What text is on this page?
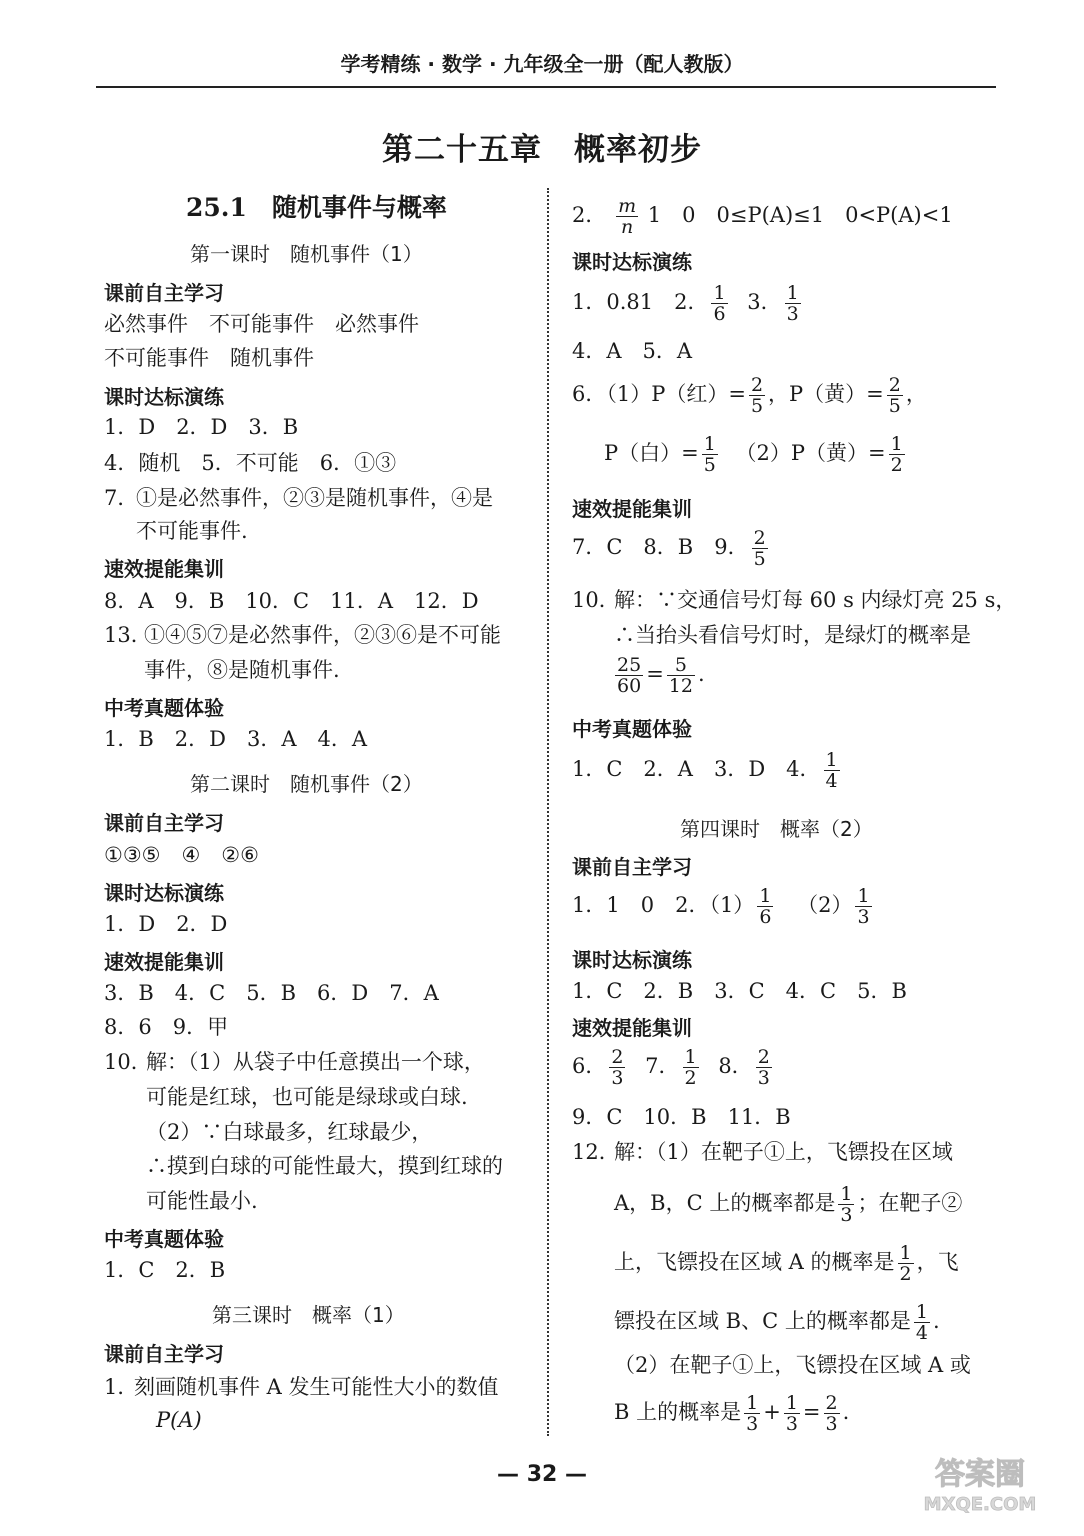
学考精练 · 数学 · 九年级全一册（配人教版）
第二十五章　概率初步
25.1　随机事件与概率
第一课时　随机事件（1）
课前自主学习
必然事件　不可能事件　必然事件
不可能事件　随机事件
课时达标演练
1．D　2．D　3．B
4．随机　5．不可能　6．①③
7．
①是必然事件，②③是随机事件，④是
不可能事件.
速效提能集训
8．A　9．B　10．C　11．A　12．D
13．
①④⑤⑦是必然事件，②③⑥是不可能
事件，⑧是随机事件.
中考真题体验
1．B　2．D　3．A　4．A
第二课时　随机事件（2）
课前自主学习
①③⑤　④　②⑥
课时达标演练
1．D　2．D
速效提能集训
3．B　4．C　5．B　6．D　7．A
8．6　9．甲
10．
解：（1）从袋子中任意摸出一个球，
可能是红球，也可能是绿球或白球.
（2）∵白球最多，红球最少，
∴摸到白球的可能性最大，摸到红球的
可能性最小.
中考真题体验
1．C　2．B
第三课时　概率（1）
课前自主学习
1．
刻画随机事件 A 发生可能性大小的数值
P(A)
2． $\frac{m}{n} 1$　0　0≤P(A)≤1　0<P(A)<1
课时达标演练
1．0.81　2． $\frac{1}{6} 3$． $\frac{1}{3}$
4．A　5．A
6．（1）P（红）= $\frac{2}{5}$ ，P（黄）= $\frac{2}{5}$ ，
P（白）= $\frac{1}{5} (2)P$（黄）= $\frac{1}{2}$
速效提能集训
7．C　8．B　9． $\frac{2}{5}$
10．
解：∵交通信号灯每 60 s 内绿灯亮 25 s，
∴当抬头看信号灯时，是绿灯的概率是
$\frac{25}{60} = \frac{5}{12}$ .
中考真题体验
1．C　2．A　3．D　4． $\frac{1}{4}$
第四课时　概率（2）
课前自主学习
1．1　0　2．$(1) \frac{1}{6} (2) \frac{1}{3}$
课时达标演练
1．C　2．B　3．C　4．C　5．B
速效提能集训
6． $\frac{2}{3} 7$． $\frac{1}{2} 8$． $\frac{2}{3}$
9．C　10．B　11．B
12．
解：（1）在靶子①上，飞镖投在区域
A，B，C 上的概率都是 $\frac{1}{3}$ ；在靶子②
上，飞镖投在区域 A 的概率是 $\frac{1}{2}$ ，飞
镖投在区域 B、C 上的概率都是 $\frac{1}{4}$ .
（2）在靶子①上，飞镖投在区域 A 或
B 上的概率是 $\frac{1}{3} + \frac{1}{3} = \frac{2}{3}$ .
— 32 —	答案圈
MXQE.COM
